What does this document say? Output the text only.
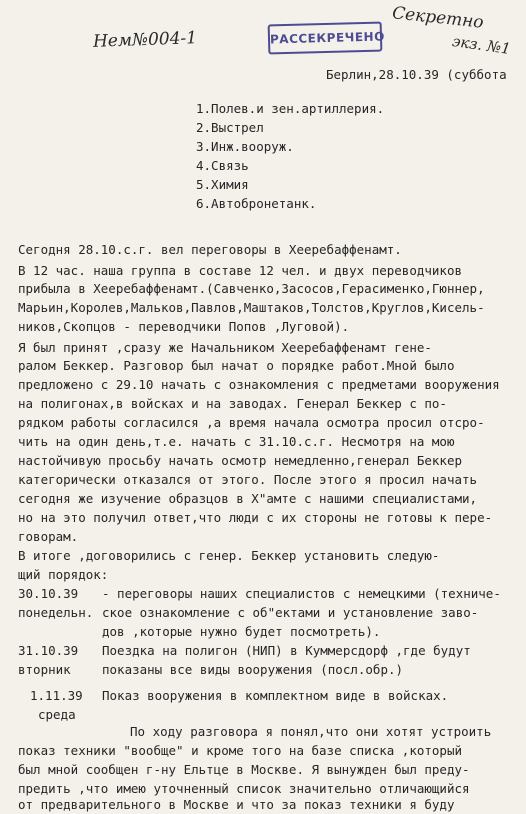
Нем№004-1	РАССЕКРЕЧЕНО
Секретно
экз. №1
Берлин,28.10.39 (суббота
1.Полев.и зен.артиллерия.
2.Выстрел
3.Инж.вооруж.
4.Связь
5.Химия
6.Автобронетанк.
Сегодня 28.10.с.г. вел переговоры в Хееребаффенамт.
В 12 час. наша группа в составе 12 чел. и двух переводчиков
прибыла в Хееребаффенамт.(Савченко,Засосов,Герасименко,Гюннер,
Марьин,Королев,Мальков,Павлов,Маштаков,Толстов,Круглов,Кисель-
ников,Скопцов - переводчики Попов ,Луговой).
Я был принят ,сразу же Начальником Хееребаффенамт гене-
ралом Беккер. Разговор был начат о порядке работ.Мной было
предложено с 29.10 начать с ознакомления с предметами вооружения
на полигонах,в войсках и на заводах. Генерал Беккер с по-
рядком работы согласился ,а время начала осмотра просил отсро-
чить на один день,т.е. начать с 31.10.с.г. Несмотря на мою
настойчивую просьбу начать осмотр немедленно,генерал Беккер
категорически отказался от этого. После этого я просил начать
сегодня же изучение образцов в Х"амте с нашими специалистами,
но на это получил ответ,что люди с их стороны не готовы к пере-
говорам.
В итоге ,договорились с генер. Беккер установить следую-
щий порядок:
30.10.39
понедельн.
- переговоры наших специалистов с немецкими (техниче-
ское ознакомление с об"ектами и установление заво-
дов ,которые нужно будет посмотреть).
31.10.39
вторник
Поездка на полигон (НИП) в Куммерсдорф ,где будут
показаны все виды вооружения (посл.обр.)
1.11.39
среда
Показ вооружения в комплектном виде в войсках.
По ходу разговора я понял,что они хотят устроить
показ техники "вообще" и кроме того на базе списка ,который
был мной сообщен г-ну Ельтце в Москве. Я вынужден был преду-
предить ,что имею уточненный список значительно отличающийся
от предварительного в Москве и что за показ техники я буду
